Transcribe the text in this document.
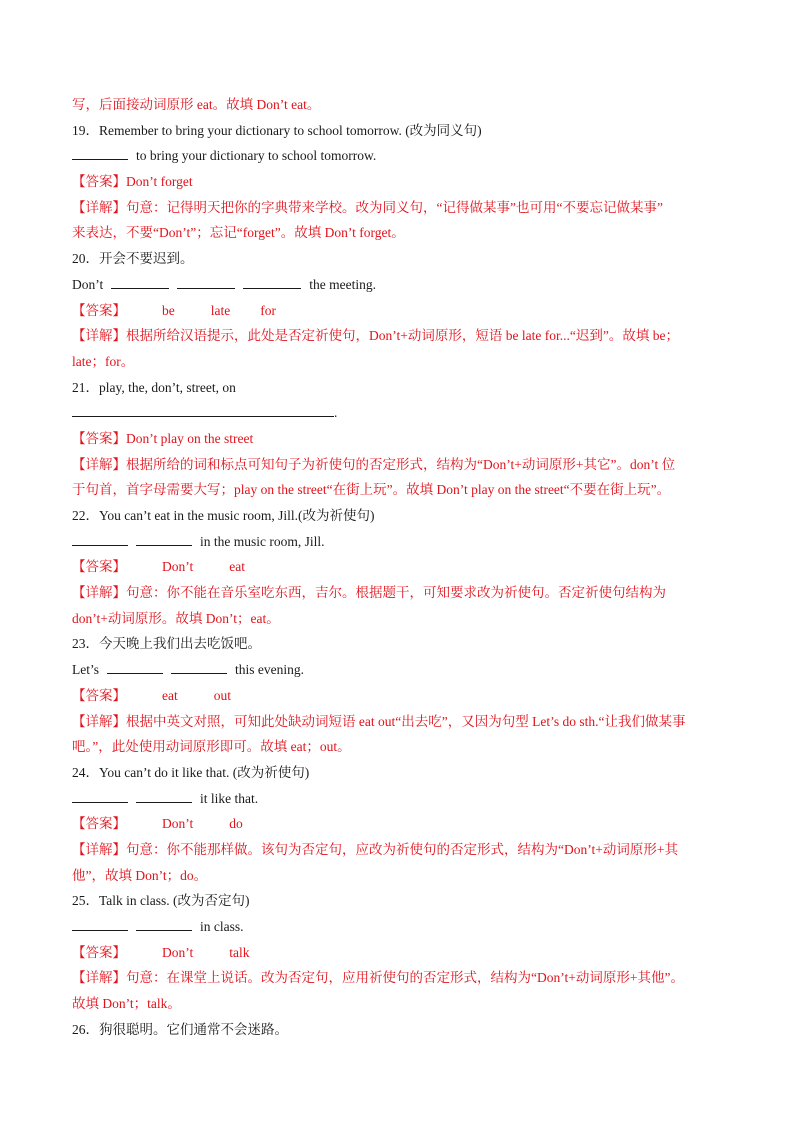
写，后面接动词原形 eat。故填 Don’t eat。
19．Remember to bring your dictionary to school tomorrow. (改为同义句)
to bring your dictionary to school tomorrow.
【答案】Don’t forget
【详解】句意：记得明天把你的字典带来学校。改为同义句，“记得做某事”也可用“不要忘记做某事”
来表达，不要“Don’t”；忘记“forget”。故填 Don’t forget。
20．开会不要迟到。
Don’t	the meeting.
【答案】	be	late for
【详解】根据所给汉语提示，此处是否定祈使句，Don’t+动词原形，短语 be late for...“迟到”。故填 be；
late；for。
21．play, the, don’t, street, on
.
【答案】Don’t play on the street
【详解】根据所给的词和标点可知句子为祈使句的否定形式，结构为“Don’t+动词原形+其它”。don’t 位
于句首，首字母需要大写；play on the street“在街上玩”。故填 Don’t play on the street“不要在街上玩”。
22．You can’t eat in the music room, Jill.(改为祈使句)
in the music room, Jill.
【答案】	Don’t	eat
【详解】句意：你不能在音乐室吃东西，吉尔。根据题干，可知要求改为祈使句。否定祈使句结构为
don’t+动词原形。故填 Don’t；eat。
23．今天晚上我们出去吃饭吧。
Let’s	this evening.
【答案】	eat	out
【详解】根据中英文对照，可知此处缺动词短语 eat out“出去吃”，又因为句型 Let’s do sth.“让我们做某事
吧。”，此处使用动词原形即可。故填 eat；out。
24．You can’t do it like that. (改为祈使句)
it like that.
【答案】	Don’t	do
【详解】句意：你不能那样做。该句为否定句，应改为祈使句的否定形式，结构为“Don’t+动词原形+其
他”，故填 Don’t；do。
25．Talk in class. (改为否定句)
in class.
【答案】	Don’t	talk
【详解】句意：在课堂上说话。改为否定句，应用祈使句的否定形式，结构为“Don’t+动词原形+其他”。
故填 Don’t；talk。
26．狗很聪明。它们通常不会迷路。
